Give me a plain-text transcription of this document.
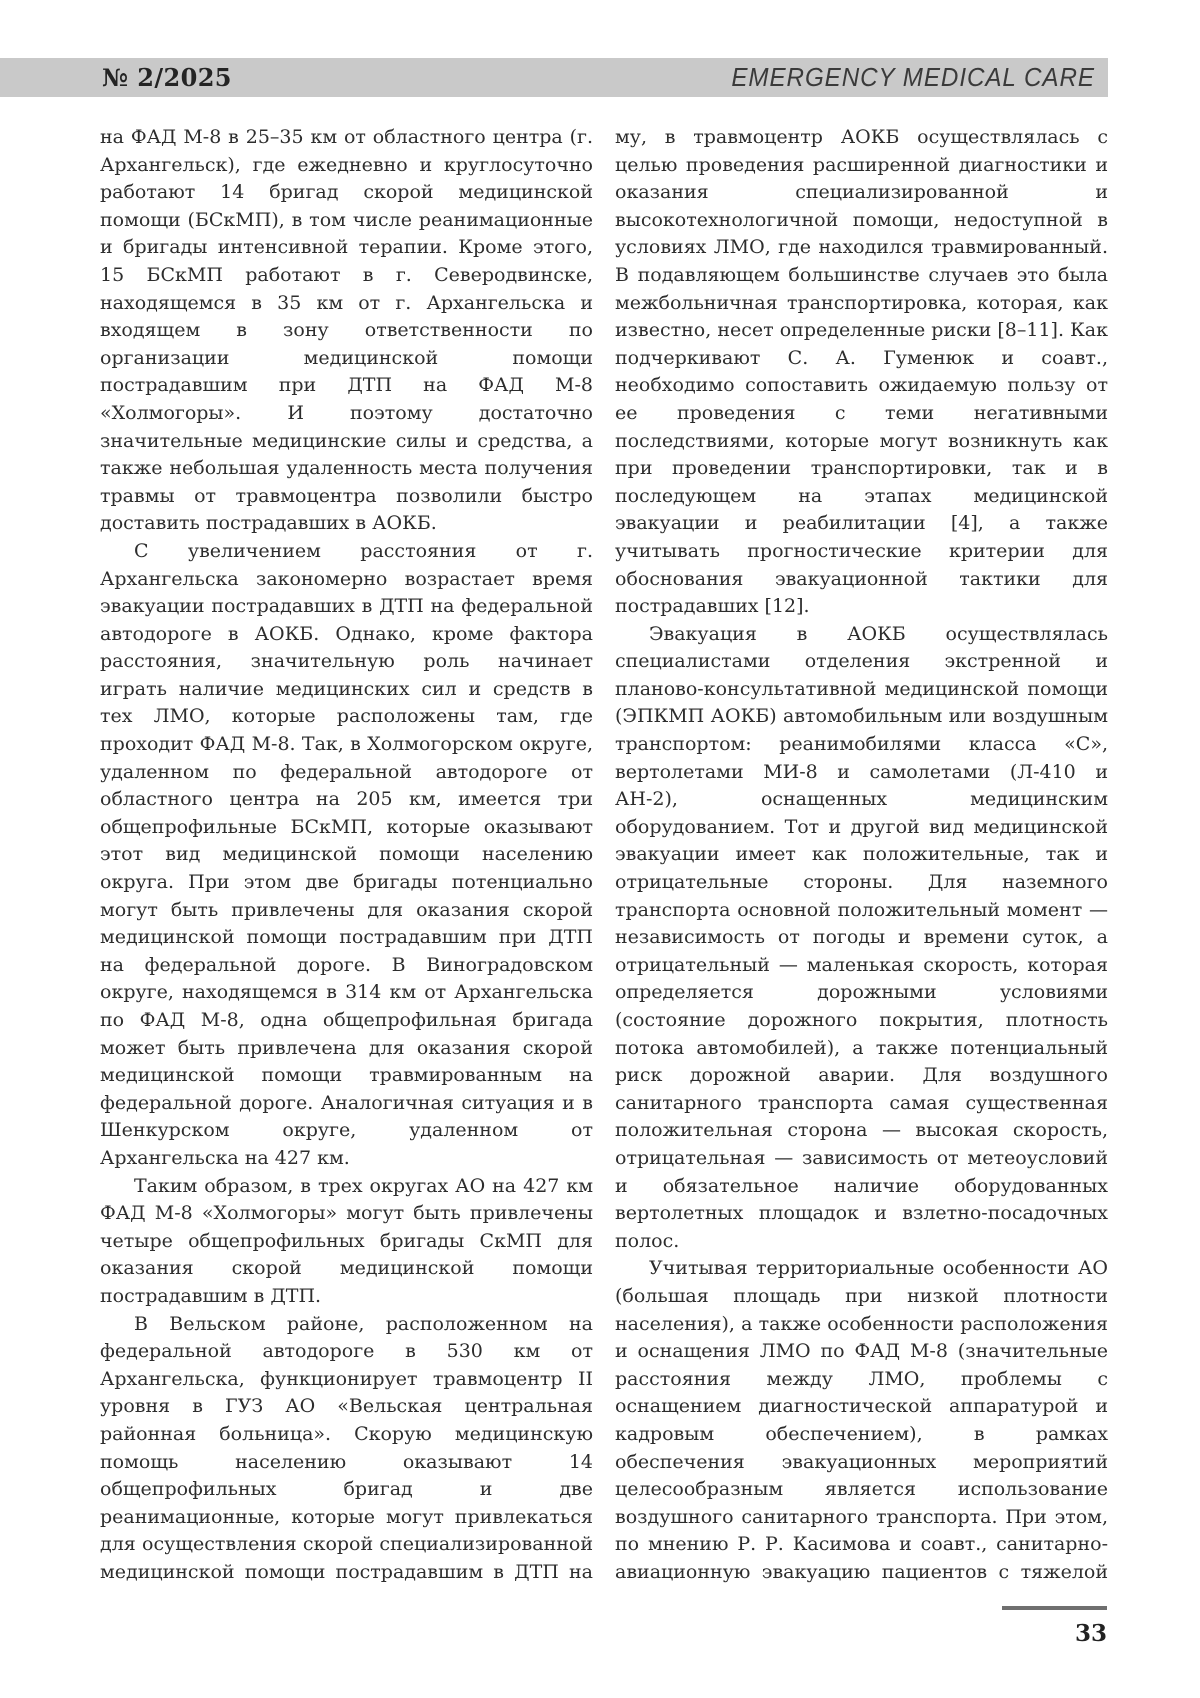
№ 2/2025	EMERGENCY MEDICAL CARE

на ФАД М-8 в 25–35 км от областного центра (г. Архангельск), где ежедневно и круглосуточно работают 14 бригад скорой медицинской помощи (БСкМП), в том числе реанимационные и бригады интенсивной терапии. Кроме этого, 15 БСкМП работают в г. Северодвинске, находящемся в 35 км от г. Архангельска и входящем в зону ответственности по организации медицинской помощи пострадавшим при ДТП на ФАД М-8 «Холмогоры». И поэтому достаточно значительные медицинские силы и средства, а также небольшая удаленность места получения травмы от травмоцентра позволили быстро доставить пострадавших в АОКБ.

С увеличением расстояния от г. Архангельска закономерно возрастает время эвакуации пострадавших в ДТП на федеральной автодороге в АОКБ. Однако, кроме фактора расстояния, значительную роль начинает играть наличие медицинских сил и средств в тех ЛМО, которые расположены там, где проходит ФАД М-8. Так, в Холмогорском округе, удаленном по федеральной автодороге от областного центра на 205 км, имеется три общепрофильные БСкМП, которые оказывают этот вид медицинской помощи населению округа. При этом две бригады потенциально могут быть привлечены для оказания скорой медицинской помощи пострадавшим при ДТП на федеральной дороге. В Виноградовском округе, находящемся в 314 км от Архангельска по ФАД М-8, одна общепрофильная бригада может быть привлечена для оказания скорой медицинской помощи травмированным на федеральной дороге. Аналогичная ситуация и в Шенкурском округе, удаленном от Архангельска на 427 км.

Таким образом, в трех округах АО на 427 км ФАД М-8 «Холмогоры» могут быть привлечены четыре общепрофильных бригады СкМП для оказания скорой медицинской помощи пострадавшим в ДТП.

В Вельском районе, расположенном на федеральной автодороге в 530 км от Архангельска, функционирует травмоцентр II уровня в ГУЗ АО «Вельская центральная районная больница». Скорую медицинскую помощь населению оказывают 14 общепрофильных бригад и две реанимационные, которые могут привлекаться для осуществления скорой специализированной медицинской помощи пострадавшим в ДТП на

му, в травмоцентр АОКБ осуществлялась с целью проведения расширенной диагностики и оказания специализированной и высокотехнологичной помощи, недоступной в условиях ЛМО, где находился травмированный. В подавляющем большинстве случаев это была межбольничная транспортировка, которая, как известно, несет определенные риски [8–11]. Как подчеркивают С. А. Гуменюк и соавт., необходимо сопоставить ожидаемую пользу от ее проведения с теми негативными последствиями, которые могут возникнуть как при проведении транспортировки, так и в последующем на этапах медицинской эвакуации и реабилитации [4], а также учитывать прогностические критерии для обоснования эвакуационной тактики для пострадавших [12].

Эвакуация в АОКБ осуществлялась специалистами отделения экстренной и планово-консультативной медицинской помощи (ЭПКМП АОКБ) автомобильным или воздушным транспортом: реанимобилями класса «С», вертолетами МИ-8 и самолетами (Л-410 и АН-2), оснащенных медицинским оборудованием. Тот и другой вид медицинской эвакуации имеет как положительные, так и отрицательные стороны. Для наземного транспорта основной положительный момент — независимость от погоды и времени суток, а отрицательный — маленькая скорость, которая определяется дорожными условиями (состояние дорожного покрытия, плотность потока автомобилей), а также потенциальный риск дорожной аварии. Для воздушного санитарного транспорта самая существенная положительная сторона — высокая скорость, отрицательная — зависимость от метеоусловий и обязательное наличие оборудованных вертолетных площадок и взлетно-посадочных полос.

Учитывая территориальные особенности АО (большая площадь при низкой плотности населения), а также особенности расположения и оснащения ЛМО по ФАД М-8 (значительные расстояния между ЛМО, проблемы с оснащением диагностической аппаратурой и кадровым обеспечением), в рамках обеспечения эвакуационных мероприятий целесообразным является использование воздушного санитарного транспорта. При этом, по мнению Р. Р. Касимова и соавт., санитарно-авиационную эвакуацию пациентов с тяжелой

33
